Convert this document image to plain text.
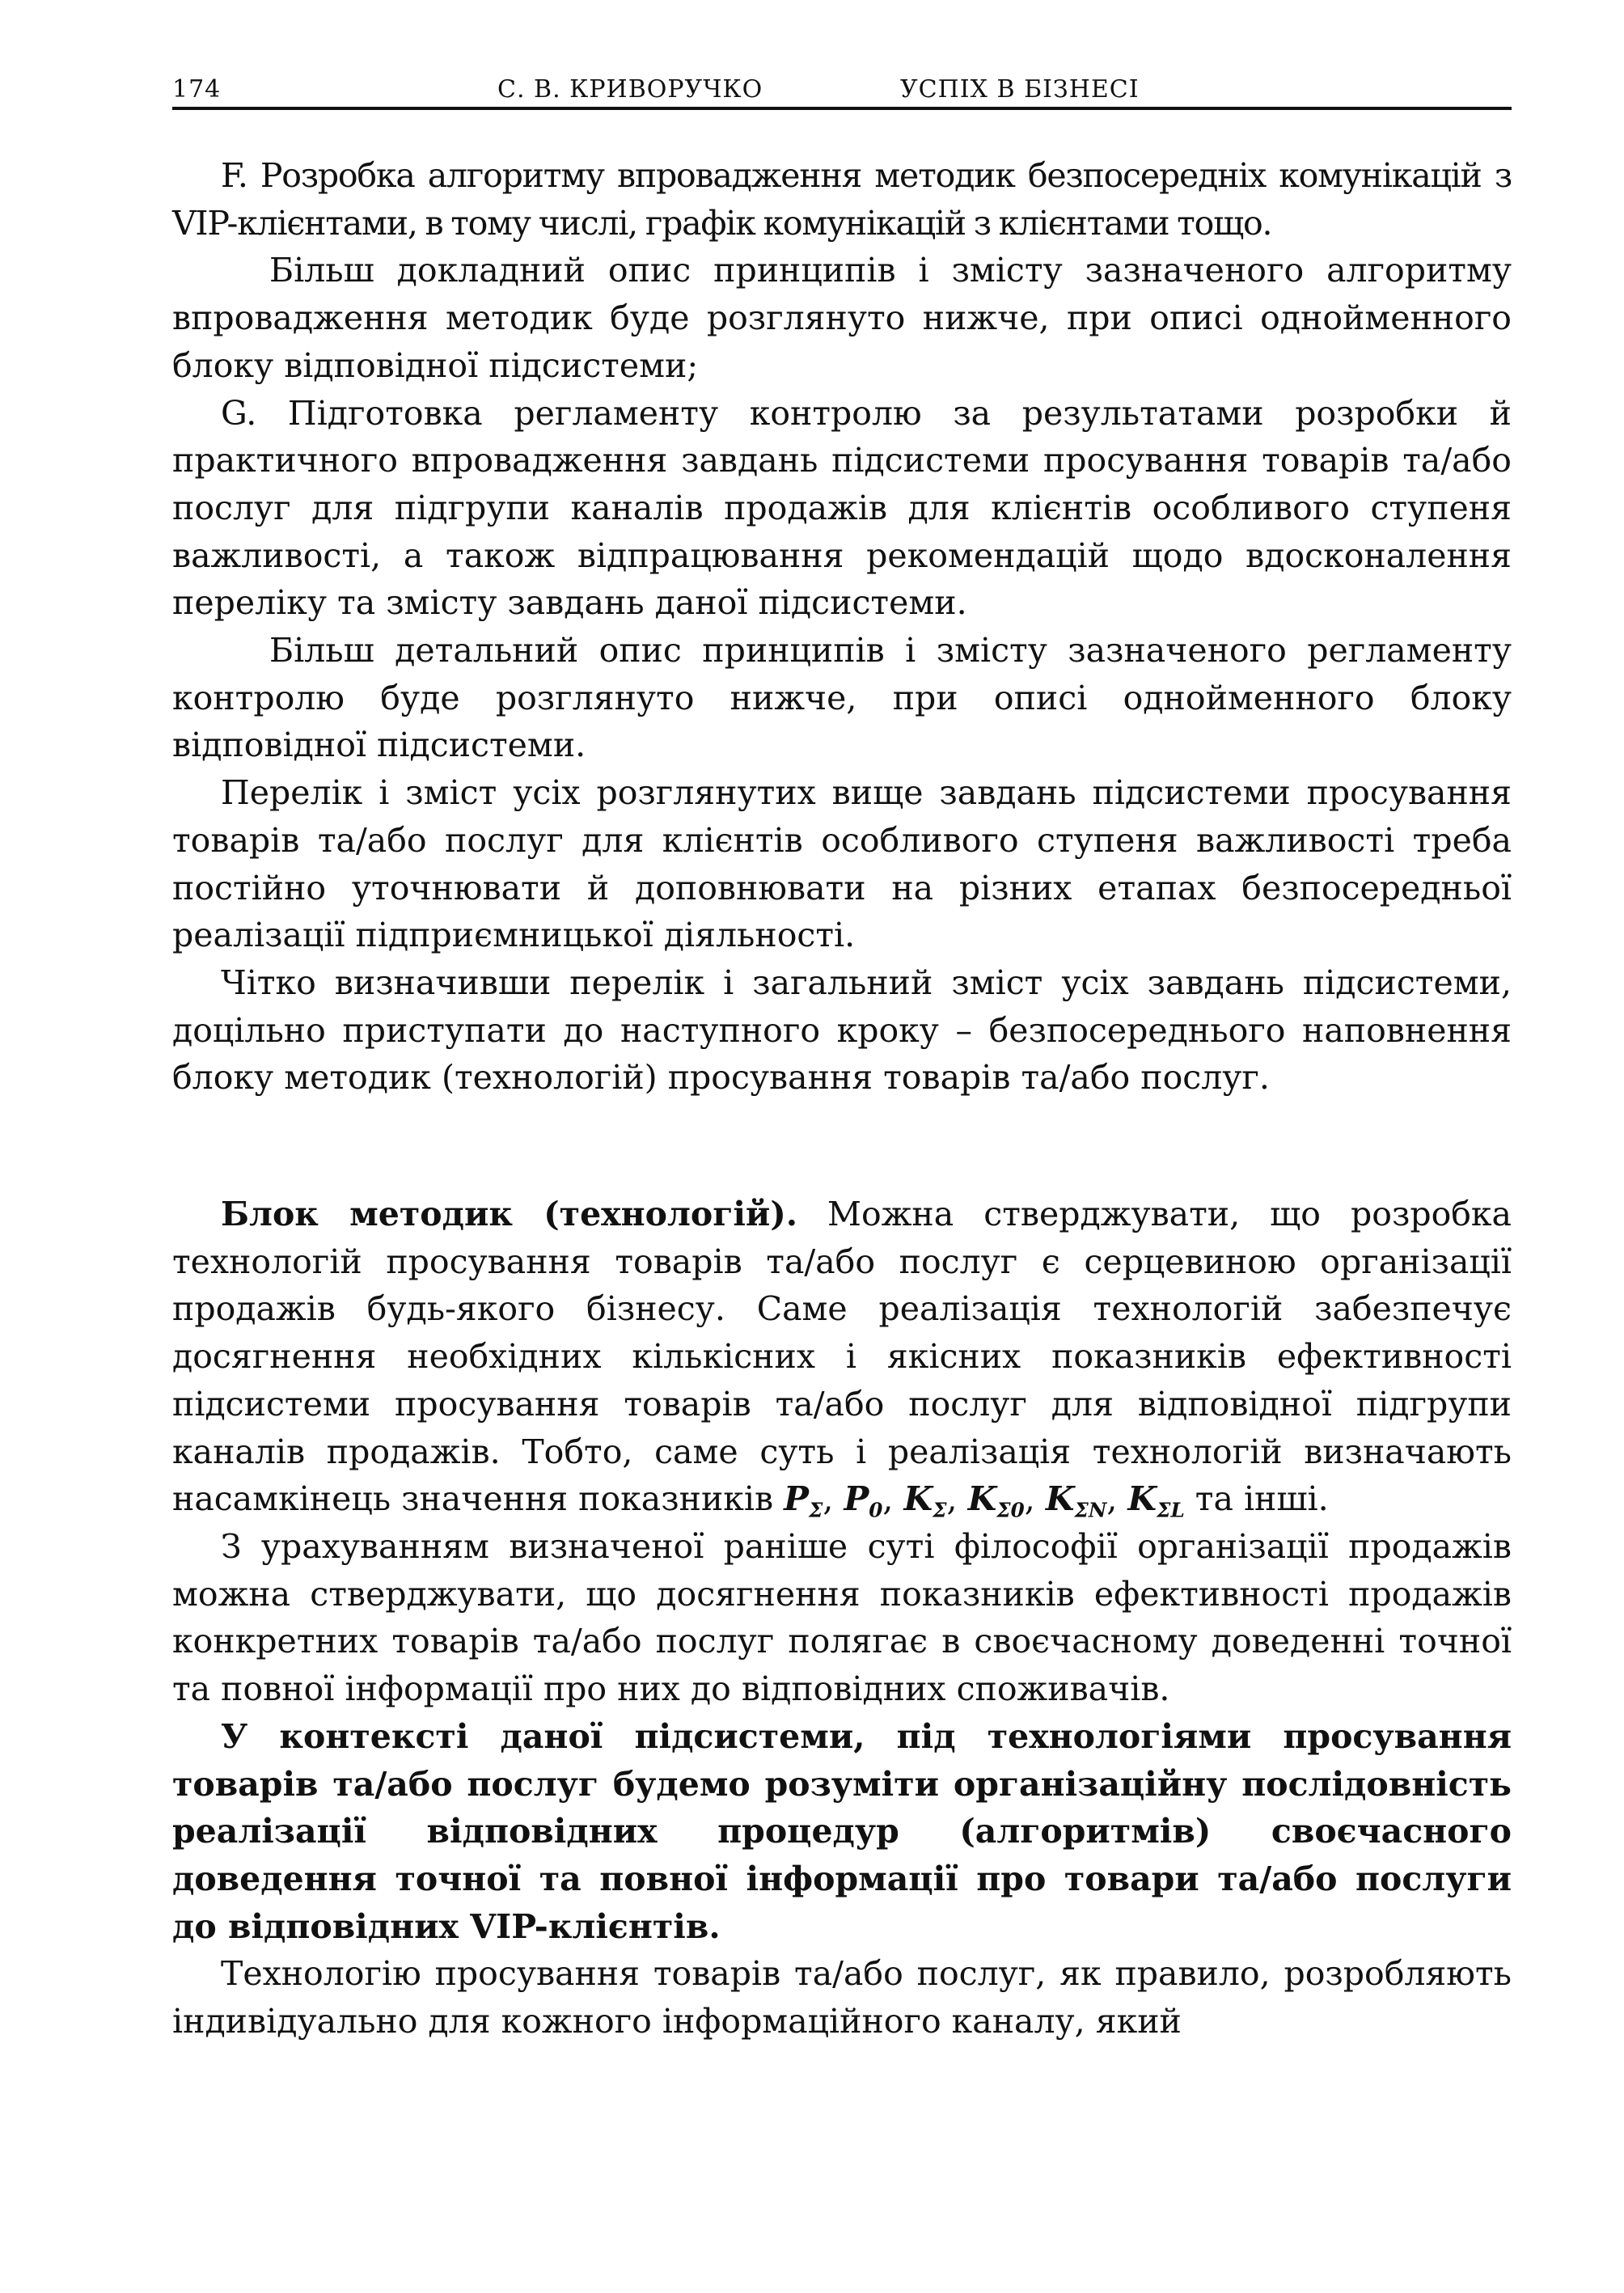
174	С. В. КРИВОРУЧКО	УСПІХ В БІЗНЕСІ

F. Розробка алгоритму впровадження методик безпосередніх комунікацій з VIP-клієнтами, в тому числі, графік комунікацій з клієнтами тощо.

Більш докладний опис принципів і змісту зазначеного алгоритму впровадження методик буде розглянуто нижче, при описі однойменного блоку відповідної підсистеми;

G. Підготовка регламенту контролю за результатами розробки й практичного впровадження завдань підсистеми просування товарів та/або послуг для підгрупи каналів продажів для клієнтів особливого ступеня важливості, а також відпрацювання рекомендацій щодо вдосконалення переліку та змісту завдань даної підсистеми.

Більш детальний опис принципів і змісту зазначеного регламенту контролю буде розглянуто нижче, при описі однойменного блоку відповідної підсистеми.

Перелік і зміст усіх розглянутих вище завдань підсистеми просування товарів та/або послуг для клієнтів особливого ступеня важливості треба постійно уточнювати й доповнювати на різних етапах безпосередньої реалізації підприємницької діяльності.

Чітко визначивши перелік і загальний зміст усіх завдань підсистеми, доцільно приступати до наступного кроку – безпосереднього наповнення блоку методик (технологій) просування товарів та/або послуг.

Блок методик (технологій). Можна стверджувати, що розробка технологій просування товарів та/або послуг є серцевиною організації продажів будь-якого бізнесу. Саме реалізація технологій забезпечує досягнення необхідних кількісних і якісних показників ефективності підсистеми просування товарів та/або послуг для відповідної підгрупи каналів продажів. Тобто, саме суть і реалізація технологій визначають насамкінець значення показників $P_\Sigma$, $P_0$, $K_\Sigma$, $K_{\Sigma 0}$, $K_{\Sigma N}$, $K_{\Sigma L}$ та інші.

З урахуванням визначеної раніше суті філософії організації продажів можна стверджувати, що досягнення показників ефективності продажів конкретних товарів та/або послуг полягає в своєчасному доведенні точної та повної інформації про них до відповідних споживачів.

У контексті даної підсистеми, під технологіями просування товарів та/або послуг будемо розуміти організаційну послідовність реалізації відповідних процедур (алгоритмів) своєчасного доведення точної та повної інформації про товари та/або послуги до відповідних VIP-клієнтів.

Технологію просування товарів та/або послуг, як правило, розробляють індивідуально для кожного інформаційного каналу, який
